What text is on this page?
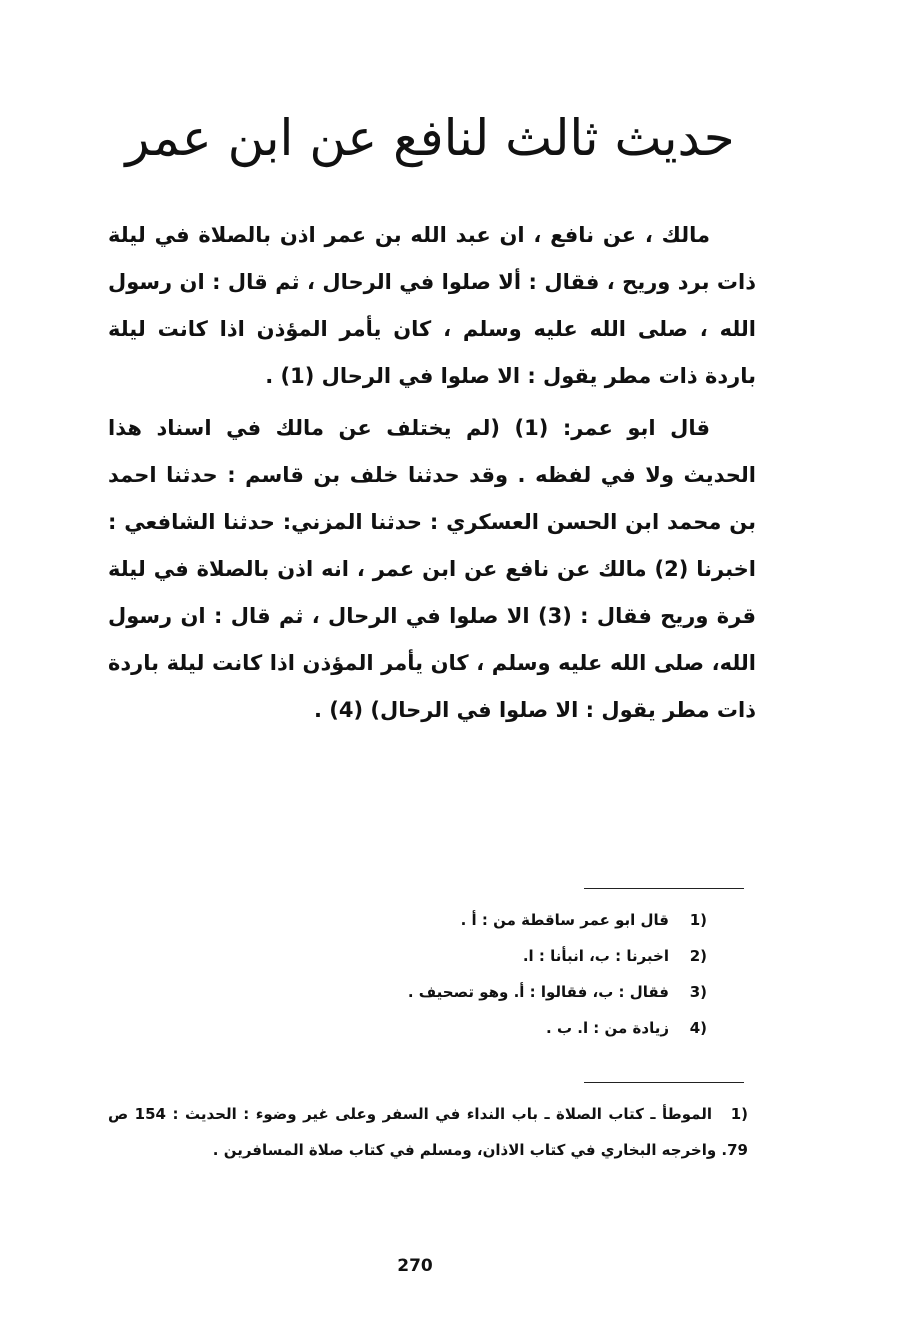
حديث ثالث لنافع عن ابن عمر

مالك ، عن نافع ، ان عبد الله بن عمر اذن بالصلاة في ليلة ذات برد وريح ، فقال : ألا صلوا في الرحال ، ثم قال : ان رسول الله ، صلى الله عليه وسلم ، كان يأمر المؤذن اذا كانت ليلة باردة ذات مطر يقول : الا صلوا في الرحال (1) .

قال ابو عمر: (1) (لم يختلف عن مالك في اسناد هذا الحديث ولا في لفظه . وقد حدثنا خلف بن قاسم : حدثنا احمد بن محمد ابن الحسن العسكري : حدثنا المزني: حدثنا الشافعي : اخبرنا (2) مالك عن نافع عن ابن عمر ، انه اذن بالصلاة في ليلة قرة وريح فقال : (3) الا صلوا في الرحال ، ثم قال : ان رسول الله، صلى الله عليه وسلم ، كان يأمر المؤذن اذا كانت ليلة باردة ذات مطر يقول : الا صلوا في الرحال) (4) .

1)
قال ابو عمر ساقطة من : أ .
2)
اخبرنا : ب، انبأنا : ا.
3)
فقال : ب، فقالوا : أ. وهو تصحيف .
4)
زيادة من : ا. ب .

1)الموطأ ـ كتاب الصلاة ـ باب النداء في السفر وعلى غير وضوء : الحديث : 154 ص 79. واخرجه البخاري في كتاب الاذان، ومسلم في كتاب صلاة المسافرين .

270
